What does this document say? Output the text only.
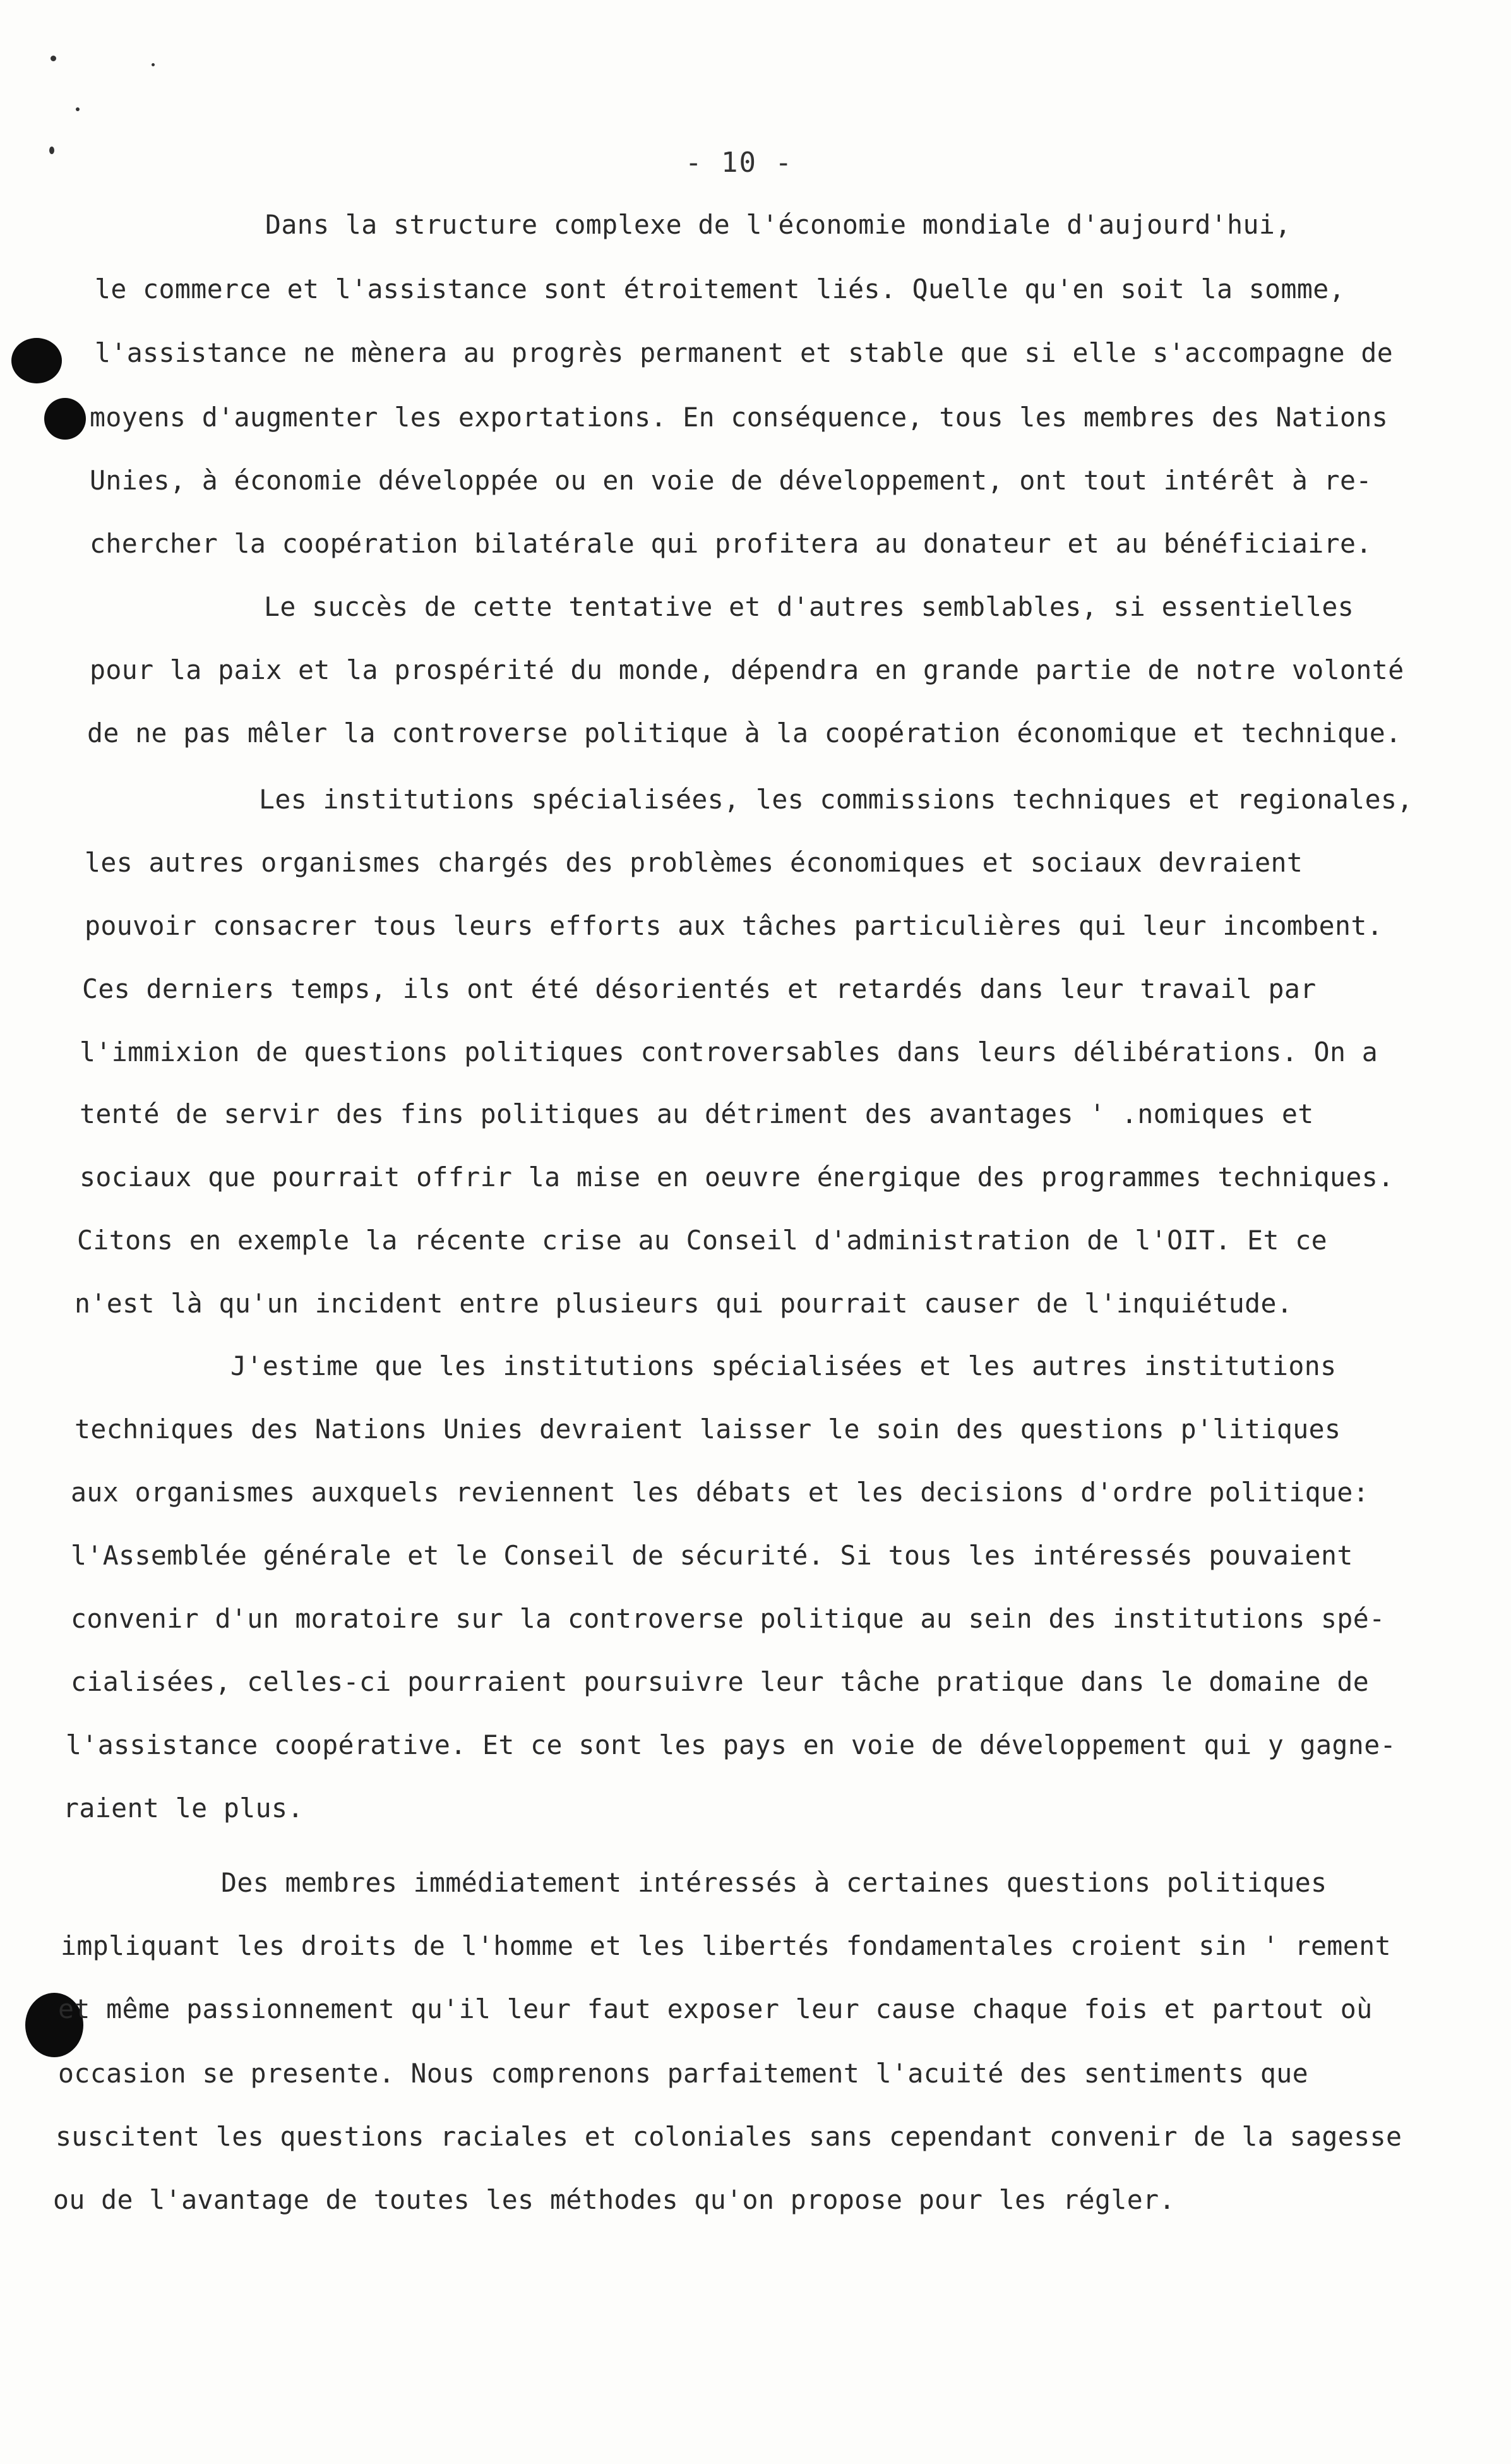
- 10 -
Dans la structure complexe de l'économie mondiale d'aujourd'hui,
le commerce et l'assistance sont étroitement liés. Quelle qu'en soit la somme,
l'assistance ne mènera au progrès permanent et stable que si elle s'accompagne de
moyens d'augmenter les exportations. En conséquence, tous les membres des Nations
Unies, à économie développée ou en voie de développement, ont tout intérêt à re-
chercher la coopération bilatérale qui profitera au donateur et au bénéficiaire.
Le succès de cette tentative et d'autres semblables, si essentielles
pour la paix et la prospérité du monde, dépendra en grande partie de notre volonté
de ne pas mêler la controverse politique à la coopération économique et technique.
Les institutions spécialisées, les commissions techniques et regionales,
les autres organismes chargés des problèmes économiques et sociaux devraient
pouvoir consacrer tous leurs efforts aux tâches particulières qui leur incombent.
Ces derniers temps, ils ont été désorientés et retardés dans leur travail par
l'immixion de questions politiques controversables dans leurs délibérations. On a
tenté de servir des fins politiques au détriment des avantages ' .nomiques et
sociaux que pourrait offrir la mise en oeuvre énergique des programmes techniques.
Citons en exemple la récente crise au Conseil d'administration de l'OIT. Et ce
n'est là qu'un incident entre plusieurs qui pourrait causer de l'inquiétude.
J'estime que les institutions spécialisées et les autres institutions
techniques des Nations Unies devraient laisser le soin des questions p'litiques
aux organismes auxquels reviennent les débats et les decisions d'ordre politique:
l'Assemblée générale et le Conseil de sécurité. Si tous les intéressés pouvaient
convenir d'un moratoire sur la controverse politique au sein des institutions spé-
cialisées, celles-ci pourraient poursuivre leur tâche pratique dans le domaine de
l'assistance coopérative. Et ce sont les pays en voie de développement qui y gagne-
raient le plus.
Des membres immédiatement intéressés à certaines questions politiques
impliquant les droits de l'homme et les libertés fondamentales croient sin ' rement
et même passionnement qu'il leur faut exposer leur cause chaque fois et partout où
occasion se presente. Nous comprenons parfaitement l'acuité des sentiments que
suscitent les questions raciales et coloniales sans cependant convenir de la sagesse
ou de l'avantage de toutes les méthodes qu'on propose pour les régler.
